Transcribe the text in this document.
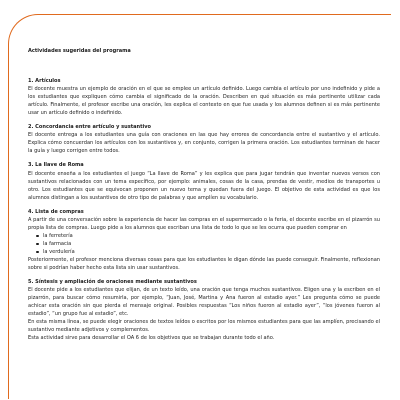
Actividades sugeridas del programa
1. Artículos
El docente muestra un ejemplo de oración en el que se emplee un artículo definido. Luego cambia el artículo por uno indefinido y pide a los estudiantes que expliquen cómo cambia el significado de la oración. Describen en qué situación es más pertinente utilizar cada artículo. Finalmente, el profesor escribe una oración, les explica el contexto en que fue usada y los alumnos definen si es más pertinente usar un artículo definido o indefinido.
2. Concordancia entre artículo y sustantivo
El docente entrega a los estudiantes una guía con oraciones en las que hay errores de concordancia entre el sustantivo y el artículo. Explica cómo concuerdan los artículos con los sustantivos y, en conjunto, corrigen la primera oración. Los estudiantes terminan de hacer la guía y luego corrigen entre todos.
3. La llave de Roma
El docente enseña a los estudiantes el juego “La llave de Roma” y les explica que para jugar tendrán que inventar nuevos versos con sustantivos relacionados con un tema específico, por ejemplo: animales, cosas de la casa, prendas de vestir, medios de transportes u otro. Los estudiantes que se equivocan proponen un nuevo tema y quedan fuera del juego. El objetivo de esta actividad es que los alumnos distingan a los sustantivos de otro tipo de palabras y que amplíen su vocabulario.
4. Lista de compras
A partir de una conversación sobre la experiencia de hacer las compras en el supermercado o la feria, el docente escribe en el pizarrón su propia lista de compras. Luego pide a los alumnos que escriban una lista de todo lo que se les ocurra que pueden comprar en
la ferretería
la farmacia
la verdulería
Posteriormente, el profesor menciona diversas cosas para que los estudiantes le digan dónde las puede conseguir. Finalmente, reflexionan sobre si podrían haber hecho esta lista sin usar sustantivos.
5. Síntesis y ampliación de oraciones mediante sustantivos
El docente pide a los estudiantes que elijan, de un texto leído, una oración que tenga muchos sustantivos. Eligen una y la escriben en el pizarrón, para buscar cómo resumirla, por ejemplo, “Juan, José, Martina y Ana fueron al estadio ayer.” Les pregunta cómo se puede achicar esta oración sin que pierda el mensaje original. Posibles respuestas “Los niños fueron al estadio ayer”, “los jóvenes fueron al estadio”, “un grupo fue al estadio”, etc.
En esta misma línea, se puede elegir oraciones de textos leídos o escritos por los mismos estudiantes para que las amplíen, precisando el sustantivo mediante adjetivos y complementos.
Esta actividad sirve para desarrollar el OA 6 de los objetivos que se trabajan durante todo el año.
